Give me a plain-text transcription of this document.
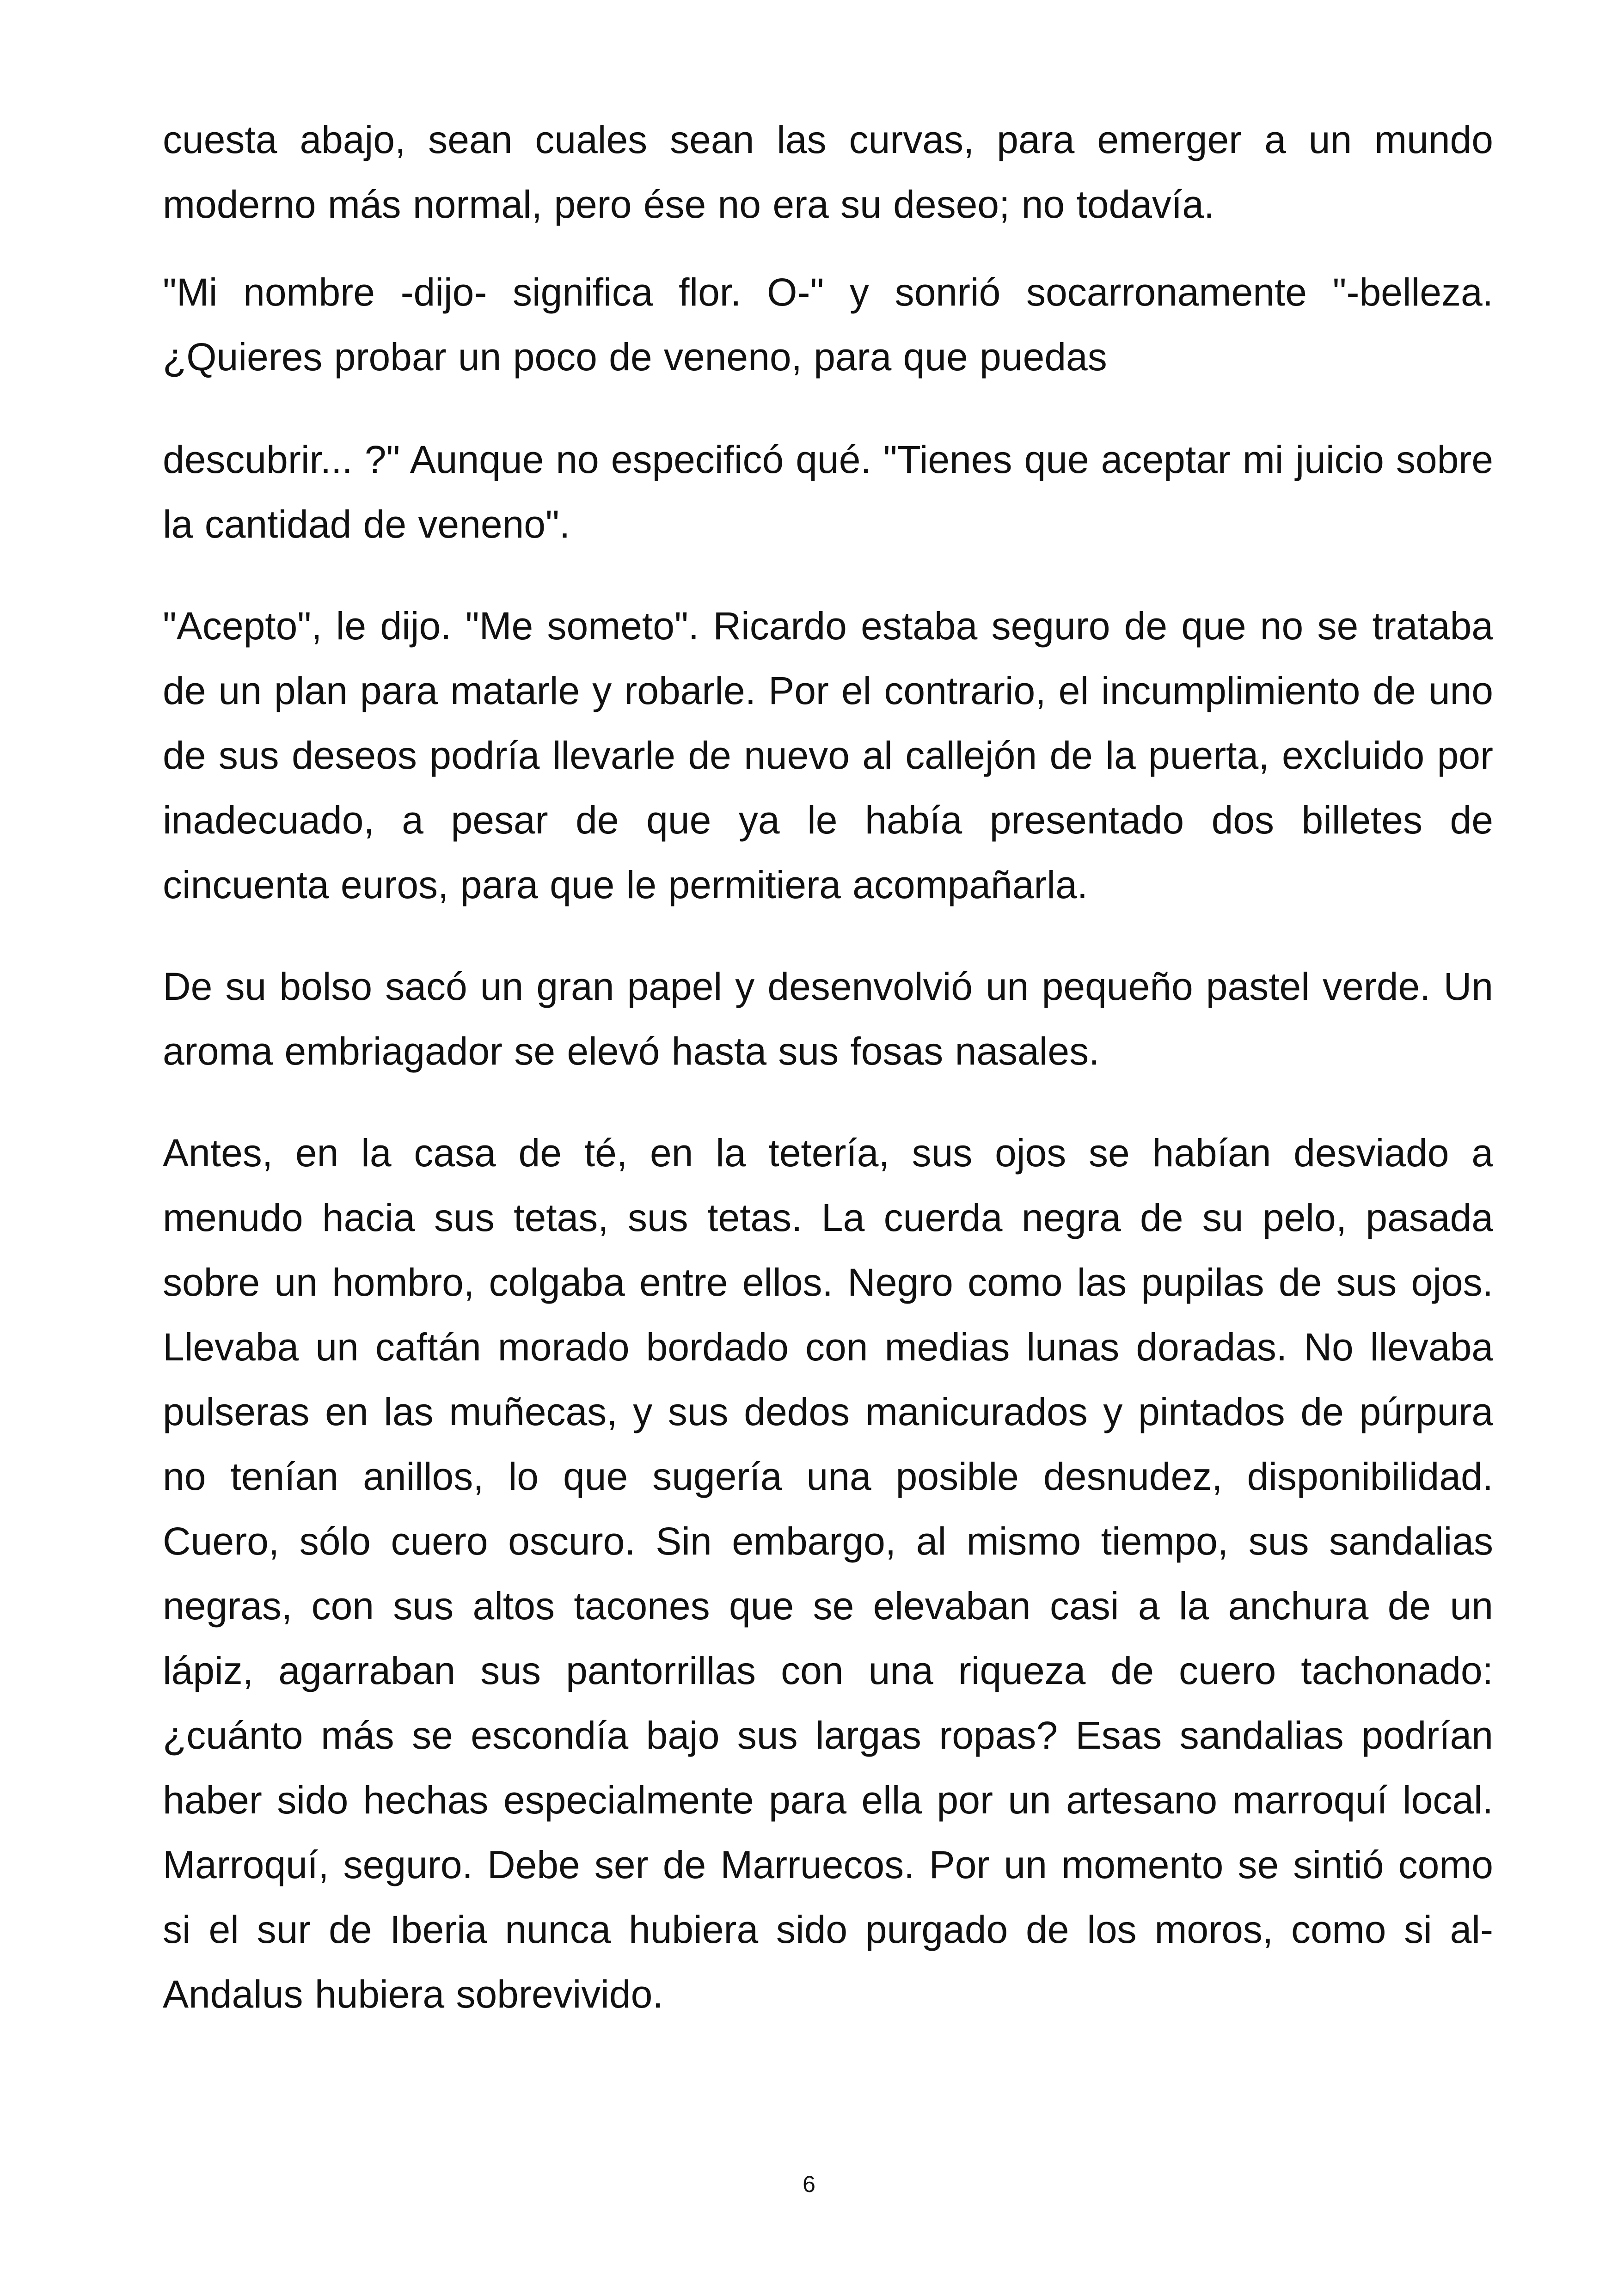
cuesta abajo, sean cuales sean las curvas, para emerger a un mundo moderno más normal, pero ése no era su deseo; no todavía.

"Mi nombre -dijo- significa flor. O-" y sonrió socarronamente "-belleza. ¿Quieres probar un poco de veneno, para que puedas

descubrir... ?" Aunque no especificó qué. "Tienes que aceptar mi juicio sobre la cantidad de veneno".

"Acepto", le dijo. "Me someto". Ricardo estaba seguro de que no se trataba de un plan para matarle y robarle. Por el contrario, el incumplimiento de uno de sus deseos podría llevarle de nuevo al callejón de la puerta, excluido por inadecuado, a pesar de que ya le había presentado dos billetes de cincuenta euros, para que le permitiera acompañarla.

De su bolso sacó un gran papel y desenvolvió un pequeño pastel verde. Un aroma embriagador se elevó hasta sus fosas nasales.

Antes, en la casa de té, en la tetería, sus ojos se habían desviado a menudo hacia sus tetas, sus tetas. La cuerda negra de su pelo, pasada sobre un hombro, colgaba entre ellos. Negro como las pupilas de sus ojos. Llevaba un caftán morado bordado con medias lunas doradas. No llevaba pulseras en las muñecas, y sus dedos manicurados y pintados de púrpura no tenían anillos, lo que sugería una posible desnudez, disponibilidad. Cuero, sólo cuero oscuro. Sin embargo, al mismo tiempo, sus sandalias negras, con sus altos tacones que se elevaban casi a la anchura de un lápiz, agarraban sus pantorrillas con una riqueza de cuero tachonado: ¿cuánto más se escondía bajo sus largas ropas? Esas sandalias podrían haber sido hechas especialmente para ella por un artesano marroquí local. Marroquí, seguro. Debe ser de Marruecos. Por un momento se sintió como si el sur de Iberia nunca hubiera sido purgado de los moros, como si al-Andalus hubiera sobrevivido.

6
